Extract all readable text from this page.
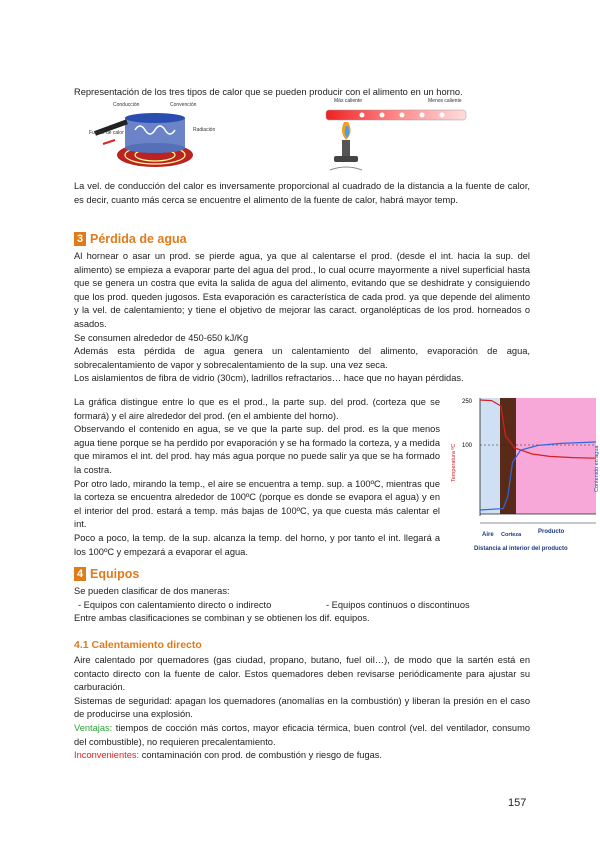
Representación de los tres tipos de calor que se pueden producir con el alimento en un horno.
Conducción	Convención
Radiación
Fuente de calor
Más caliente	Menos caliente
La vel. de conducción del calor es inversamente proporcional al cuadrado de la distancia a la fuente de calor, es decir, cuanto más cerca se encuentre el alimento de la fuente de calor, habrá mayor temp.
3 Pérdida de agua
Al hornear o asar un prod. se pierde agua, ya que al calentarse el prod. (desde el int. hacia la sup. del alimento) se empieza a evaporar parte del agua del prod., lo cual ocurre mayormente a nivel superficial hasta que se genera un costra que evita la salida de agua del alimento, evitando que se deshidrate y consiguiendo que los prod. queden jugosos. Esta evaporación es característica de cada prod. ya que depende del alimento y la vel. de calentamiento; y tiene el objetivo de mejorar las caract. organolépticas de los prod. horneados o asados.
Se consumen alrededor de 450-650 kJ/Kg
Además esta pérdida de agua genera un calentamiento del alimento, evaporación de agua, sobrecalentamiento de vapor y sobrecalentamiento de la sup. una vez seca.
Los aislamientos de fibra de vidrio (30cm), ladrillos refractarios… hace que no hayan pérdidas.
La gráfica distingue entre lo que es el prod., la parte sup. del prod. (corteza que se formará) y el aire alrededor del prod. (en el ambiente del horno).
Observando el contenido en agua, se ve que la parte sup. del prod. es la que menos agua tiene porque se ha perdido por evaporación y se ha formado la corteza, y a medida que miramos el int. del prod. hay más agua porque no puede salir ya que se ha formado la costra.
Por otro lado, mirando la temp., el aire se encuentra a temp. sup. a 100ºC, mientras que la corteza se encuentra alrededor de 100ºC (porque es donde se evapora el agua) y en el interior del prod. estará a temp. más bajas de 100ºC, ya que cuesta más calentar el int.
Poco a poco, la temp. de la sup. alcanza la temp. del horno, y por tanto el int. llegará a los 100ºC y empezará a evaporar el agua.
250
100
Temperatura ºC	Contenido en agua
Aire Corteza	Producto
Distancia al interior del producto
4 Equipos
Se pueden clasificar de dos maneras:
- Equipos con calentamiento directo o indirecto	- Equipos continuos o discontinuos
Entre ambas clasificaciones se combinan y se obtienen los dif. equipos.
4.1 Calentamiento directo
Aire calentado por quemadores (gas ciudad, propano, butano, fuel oil…), de modo que la sartén está en contacto directo con la fuente de calor. Estos quemadores deben revisarse periódicamente para ajustar su carburación.
Sistemas de seguridad: apagan los quemadores (anomalías en la combustión) y liberan la presión en el caso de producirse una explosión.
Ventajas: tiempos de cocción más cortos, mayor eficacia térmica, buen control (vel. del ventilador, consumo del combustible), no requieren precalentamiento.
Inconvenientes: contaminación con prod. de combustión y riesgo de fugas.
157
